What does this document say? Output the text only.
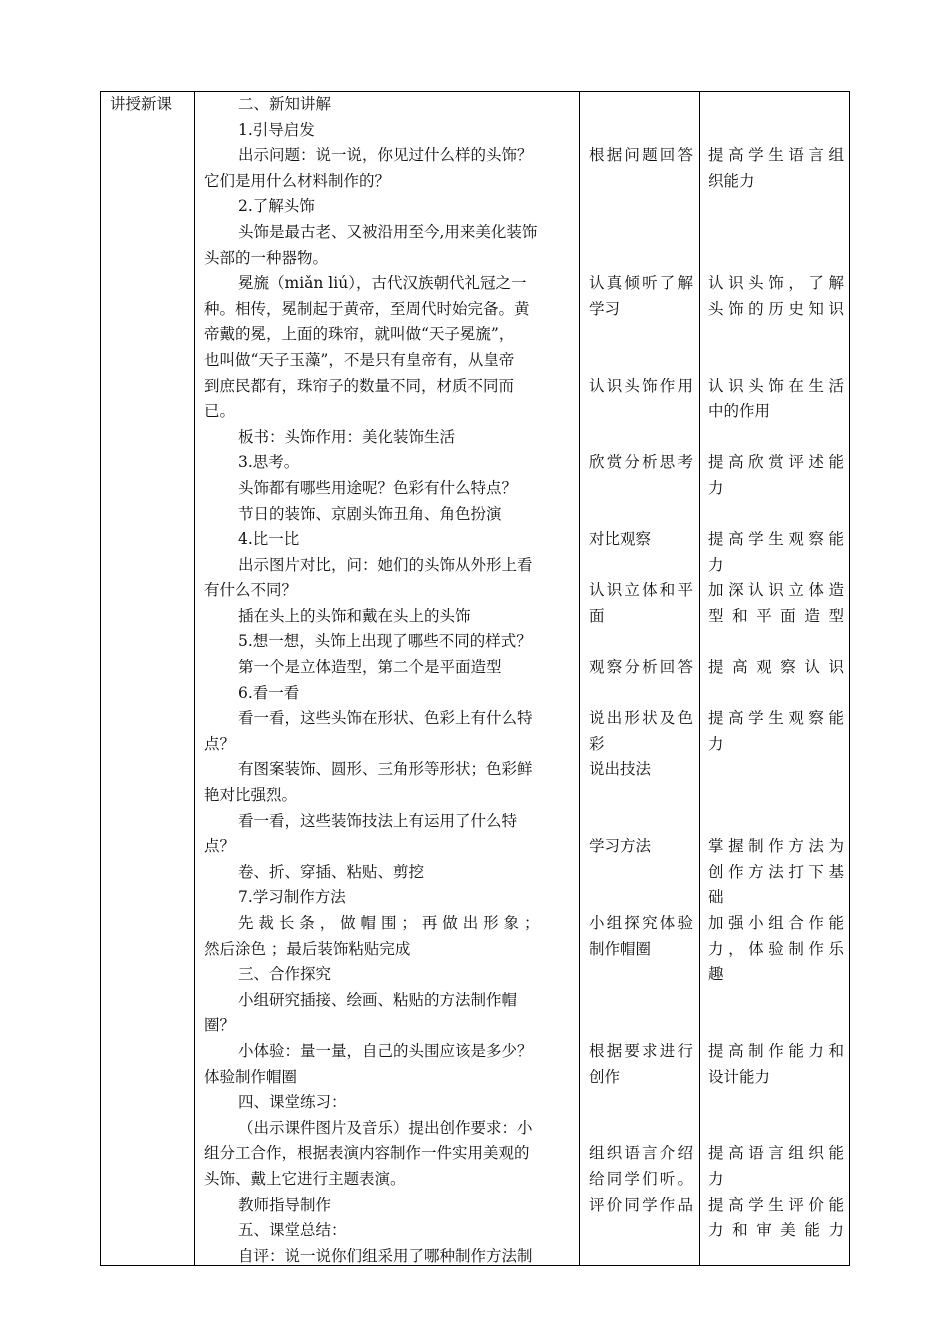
讲授新课	二、新知讲解
1.引导启发
出示问题：说一说，你见过什么样的头饰？
它们是用什么材料制作的？
2.了解头饰
头饰是最古老、又被沿用至今,用来美化装饰
头部的一种器物。
冕旒（miǎn liú），古代汉族朝代礼冠之一
种。相传，冕制起于黄帝，至周代时始完备。黄
帝戴的冕，上面的珠帘，就叫做“天子冕旒”，
也叫做“天子玉藻”，不是只有皇帝有，从皇帝
到庶民都有，珠帘子的数量不同，材质不同而
已。
板书：头饰作用：美化装饰生活
3.思考。
头饰都有哪些用途呢？色彩有什么特点？
节日的装饰、京剧头饰丑角、角色扮演
4.比一比
出示图片对比，问：她们的头饰从外形上看
有什么不同？
插在头上的头饰和戴在头上的头饰
5.想一想，头饰上出现了哪些不同的样式？
第一个是立体造型，第二个是平面造型
6.看一看
看一看，这些头饰在形状、色彩上有什么特
点？
有图案装饰、圆形、三角形等形状；色彩鲜
艳对比强烈。
看一看，这些装饰技法上有运用了什么特
点？
卷、折、穿插、粘贴、剪挖
7.学习制作方法
先 裁 长 条 ， 做 帽 围 ； 再 做 出 形 象 ；
然后涂色 ；最后装饰粘贴完成
三、合作探究
小组研究插接、绘画、粘贴的方法制作帽
圈？
小体验：量一量，自己的头围应该是多少？
体验制作帽圈
四、课堂练习：
（出示课件图片及音乐）提出创作要求：小
组分工合作，根据表演内容制作一件实用美观的
头饰、戴上它进行主题表演。
教师指导制作
五、课堂总结：
自评：说一说你们组采用了哪种制作方法制
根据问题回答
认真倾听了解
学习
认识头饰作用
欣赏分析思考
对比观察
认识立体和平
面
观察分析回答
说出形状及色
彩
说出技法
学习方法
小组探究体验
制作帽圈
根据要求进行
创作
组织语言介绍
给同学们听。
评价同学作品
提高学生语言组
织能力
认识头饰，了解
头饰的历史知识
认识头饰在生活
中的作用
提高欣赏评述能
力
提高学生观察能
力
加深认识立体造
型和平面造型
提高观察认识
提高学生观察能
力
掌握制作方法为
创作方法打下基
础
加强小组合作能
力，体验制作乐
趣
提高制作能力和
设计能力
提高语言组织能
力
提高学生评价能
力和审美能力
